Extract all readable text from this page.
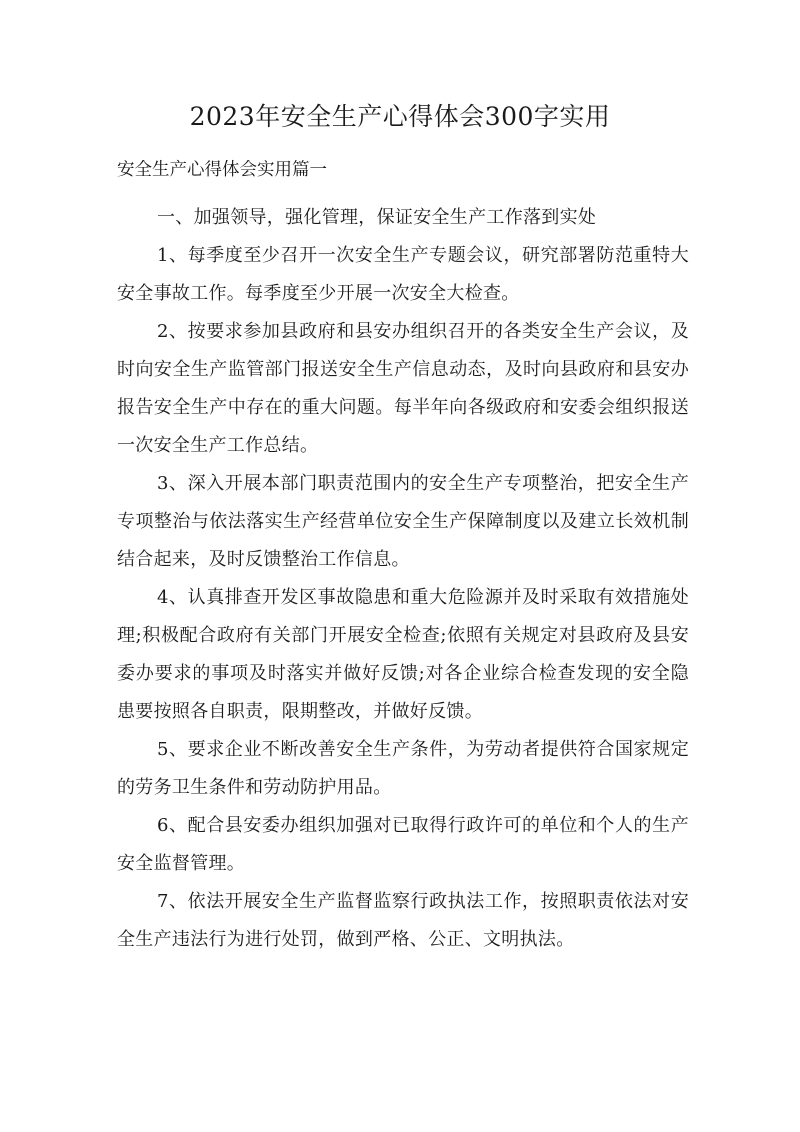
2023年安全生产心得体会300字实用

安全生产心得体会实用篇一

一、加强领导，强化管理，保证安全生产工作落到实处

1、每季度至少召开一次安全生产专题会议，研究部署防范重特大安全事故工作。每季度至少开展一次安全大检查。

2、按要求参加县政府和县安办组织召开的各类安全生产会议，及时向安全生产监管部门报送安全生产信息动态，及时向县政府和县安办报告安全生产中存在的重大问题。每半年向各级政府和安委会组织报送一次安全生产工作总结。

3、深入开展本部门职责范围内的安全生产专项整治，把安全生产专项整治与依法落实生产经营单位安全生产保障制度以及建立长效机制结合起来，及时反馈整治工作信息。

4、认真排查开发区事故隐患和重大危险源并及时采取有效措施处理;积极配合政府有关部门开展安全检查;依照有关规定对县政府及县安委办要求的事项及时落实并做好反馈;对各企业综合检查发现的安全隐患要按照各自职责，限期整改，并做好反馈。

5、要求企业不断改善安全生产条件，为劳动者提供符合国家规定的劳务卫生条件和劳动防护用品。

6、配合县安委办组织加强对已取得行政许可的单位和个人的生产安全监督管理。

7、依法开展安全生产监督监察行政执法工作，按照职责依法对安全生产违法行为进行处罚，做到严格、公正、文明执法。
